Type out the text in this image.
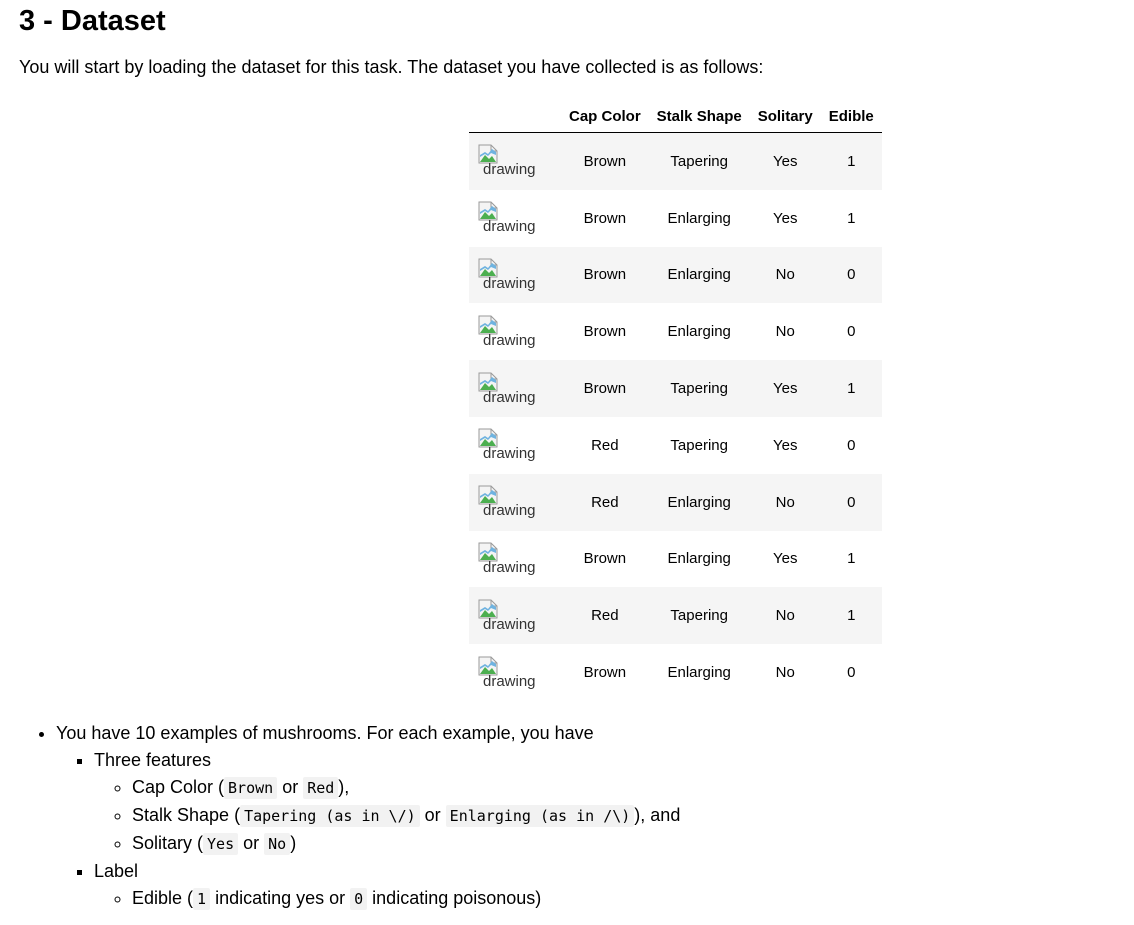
3 - Dataset

You will start by loading the dataset for this task. The dataset you have collected is as follows:

	Cap Color	Stalk Shape	Solitary	Edible

drawing	Brown	Tapering	Yes	1

drawing	Brown	Enlarging	Yes	1

drawing	Brown	Enlarging	No	0

drawing	Brown	Enlarging	No	0

drawing	Brown	Tapering	Yes	1

drawing	Red	Tapering	Yes	0

drawing	Red	Enlarging	No	0

drawing	Brown	Enlarging	Yes	1

drawing	Red	Tapering	No	1

drawing	Brown	Enlarging	No	0
• You have 10 examples of mushrooms. For each example, you have
▪ Three features
◦ Cap Color ( Brown or Red ),
◦ Stalk Shape ( Tapering (as in \/) or Enlarging (as in /\) ), and
◦ Solitary ( Yes or No )
▪ Label
◦ Edible ( 1 indicating yes or 0 indicating poisonous)
